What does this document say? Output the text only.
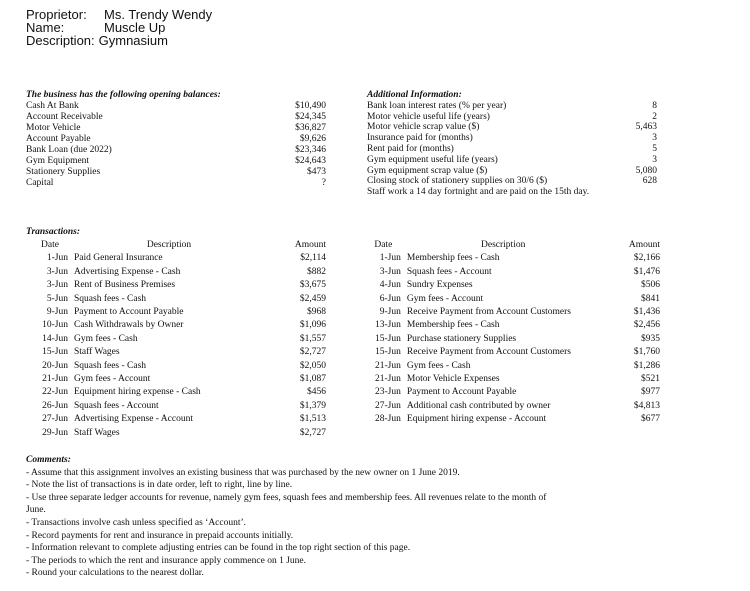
Proprietor:	Ms. Trendy Wendy
Name:	Muscle Up
Description: Gymnasium
The business has the following opening balances:
Cash At Bank	$10,490
Account Receivable	$24,345
Motor Vehicle	$36,827
Account Payable	$9,626
Bank Loan (due 2022)	$23,346
Gym Equipment	$24,643
Stationery Supplies	$473
Capital	?
Additional Information:
Bank loan interest rates (% per year)	8
Motor vehicle useful life (years)	2
Motor vehicle scrap value ($)	5,463
Insurance paid for (months)	3
Rent paid for (months)	5
Gym equipment useful life (years)	3
Gym equipment scrap value ($)	5,080
Closing stock of stationery supplies on 30/6 ($)	628
Staff work a 14 day fortnight and are paid on the 15th day.
Transactions:
Date	Description	Amount
1-Jun Paid General Insurance	$2,114
3-Jun Advertising Expense - Cash	$882
3-Jun Rent of Business Premises	$3,675
5-Jun Squash fees - Cash	$2,459
9-Jun Payment to Account Payable	$968
10-Jun Cash Withdrawals by Owner	$1,096
14-Jun Gym fees - Cash	$1,557
15-Jun Staff Wages	$2,727
20-Jun Squash fees - Cash	$2,050
21-Jun Gym fees - Account	$1,087
22-Jun Equipment hiring expense - Cash	$456
26-Jun Squash fees - Account	$1,379
27-Jun Advertising Expense - Account	$1,513
29-Jun Staff Wages	$2,727
Date	Description	Amount
1-Jun Membership fees - Cash	$2,166
3-Jun Squash fees - Account	$1,476
4-Jun Sundry Expenses	$506
6-Jun Gym fees - Account	$841
9-Jun Receive Payment from Account Customers	$1,436
13-Jun Membership fees - Cash	$2,456
15-Jun Purchase stationery Supplies	$935
15-Jun Receive Payment from Account Customers	$1,760
21-Jun Gym fees - Cash	$1,286
21-Jun Motor Vehicle Expenses	$521
23-Jun Payment to Account Payable	$977
27-Jun Additional cash contributed by owner	$4,813
28-Jun Equipment hiring expense - Account	$677
Comments:
- Assume that this assignment involves an existing business that was purchased by the new owner on 1 June 2019.
- Note the list of transactions is in date order, left to right, line by line.
- Use three separate ledger accounts for revenue, namely gym fees, squash fees and membership fees. All revenues relate to the month of
June.
- Transactions involve cash unless specified as ‘Account’.
- Record payments for rent and insurance in prepaid accounts initially.
- Information relevant to complete adjusting entries can be found in the top right section of this page.
- The periods to which the rent and insurance apply commence on 1 June.
- Round your calculations to the nearest dollar.
